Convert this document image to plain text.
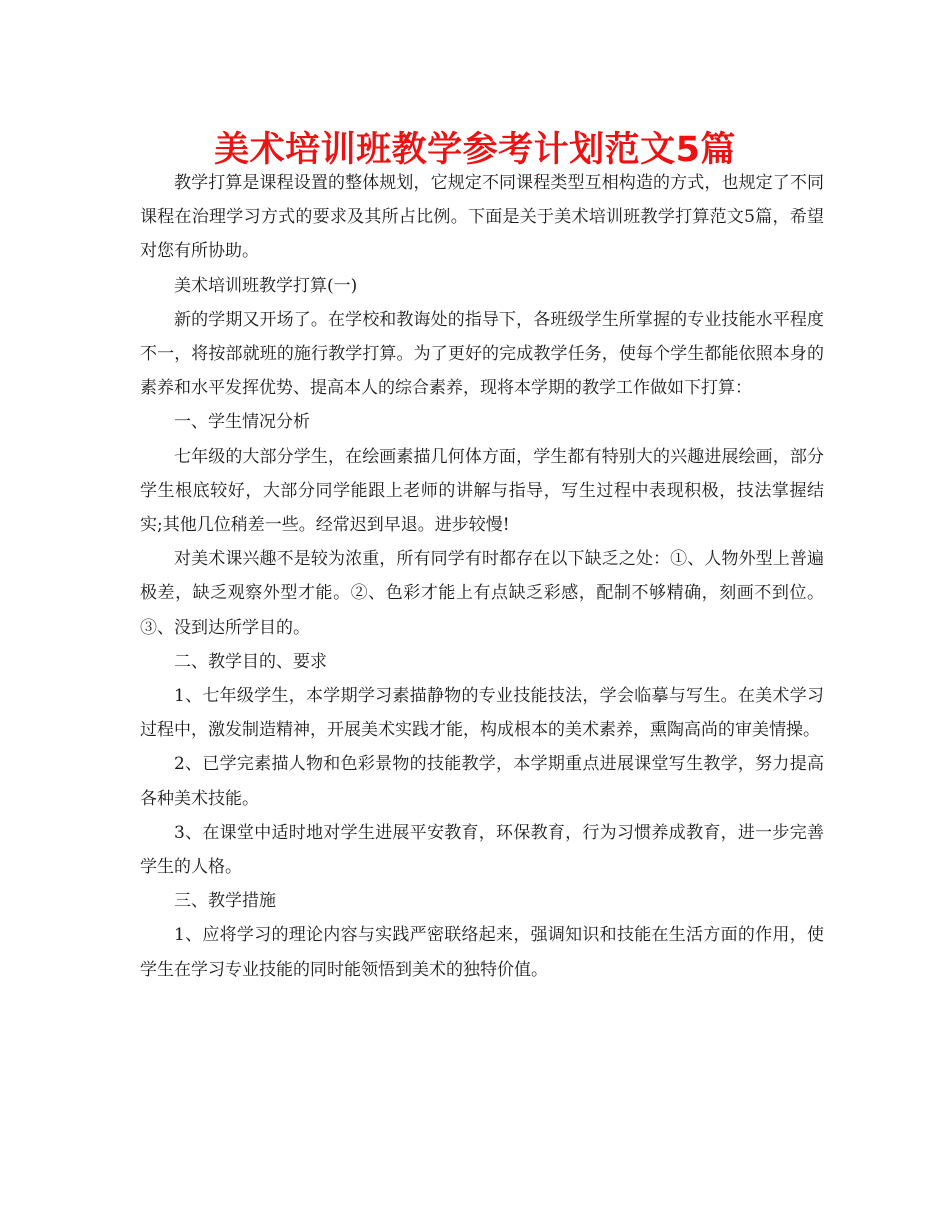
美术培训班教学参考计划范文5篇

教学打算是课程设置的整体规划，它规定不同课程类型互相构造的方式，也规定了不同课程在治理学习方式的要求及其所占比例。下面是关于美术培训班教学打算范文5篇，希望对您有所协助。

美术培训班教学打算(一)

新的学期又开场了。在学校和教诲处的指导下，各班级学生所掌握的专业技能水平程度不一，将按部就班的施行教学打算。为了更好的完成教学任务，使每个学生都能依照本身的素养和水平发挥优势、提高本人的综合素养，现将本学期的教学工作做如下打算：

一、学生情况分析

七年级的大部分学生，在绘画素描几何体方面，学生都有特别大的兴趣进展绘画，部分学生根底较好，大部分同学能跟上老师的讲解与指导，写生过程中表现积极，技法掌握结实;其他几位稍差一些。经常迟到早退。进步较慢!

对美术课兴趣不是较为浓重，所有同学有时都存在以下缺乏之处：①、人物外型上普遍极差，缺乏观察外型才能。②、色彩才能上有点缺乏彩感，配制不够精确，刻画不到位。③、没到达所学目的。

二、教学目的、要求

1、七年级学生，本学期学习素描静物的专业技能技法，学会临摹与写生。在美术学习过程中，激发制造精神，开展美术实践才能，构成根本的美术素养，熏陶高尚的审美情操。

2、已学完素描人物和色彩景物的技能教学，本学期重点进展课堂写生教学，努力提高各种美术技能。

3、在课堂中适时地对学生进展平安教育，环保教育，行为习惯养成教育，进一步完善学生的人格。

三、教学措施

1、应将学习的理论内容与实践严密联络起来，强调知识和技能在生活方面的作用，使学生在学习专业技能的同时能领悟到美术的独特价值。
